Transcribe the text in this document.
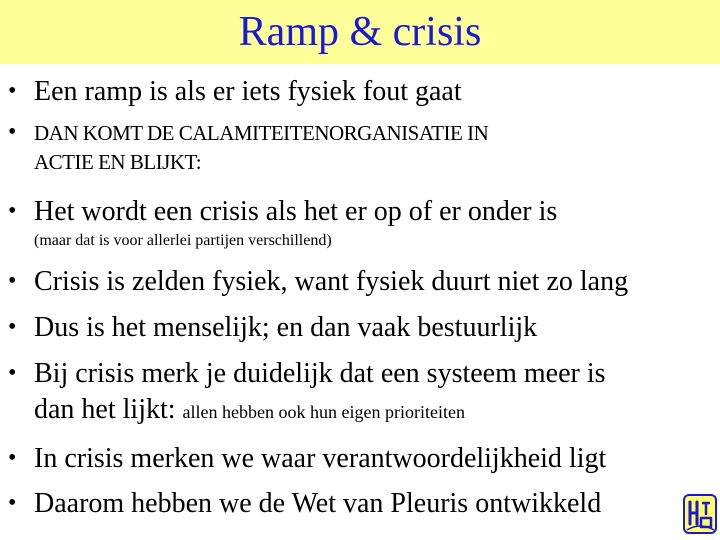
Ramp & crisis
• Een ramp is als er iets fysiek fout gaat
• DAN KOMT DE CALAMITEITENORGANISATIE IN
ACTIE EN BLIJKT:
• Het wordt een crisis als het er op of er onder is
(maar dat is voor allerlei partijen verschillend)
• Crisis is zelden fysiek, want fysiek duurt niet zo lang
• Dus is het menselijk; en dan vaak bestuurlijk
• Bij crisis merk je duidelijk dat een systeem meer is
dan het lijkt: allen hebben ook hun eigen prioriteiten
• In crisis merken we waar verantwoordelijkheid ligt
• Daarom hebben we de Wet van Pleuris ontwikkeld
